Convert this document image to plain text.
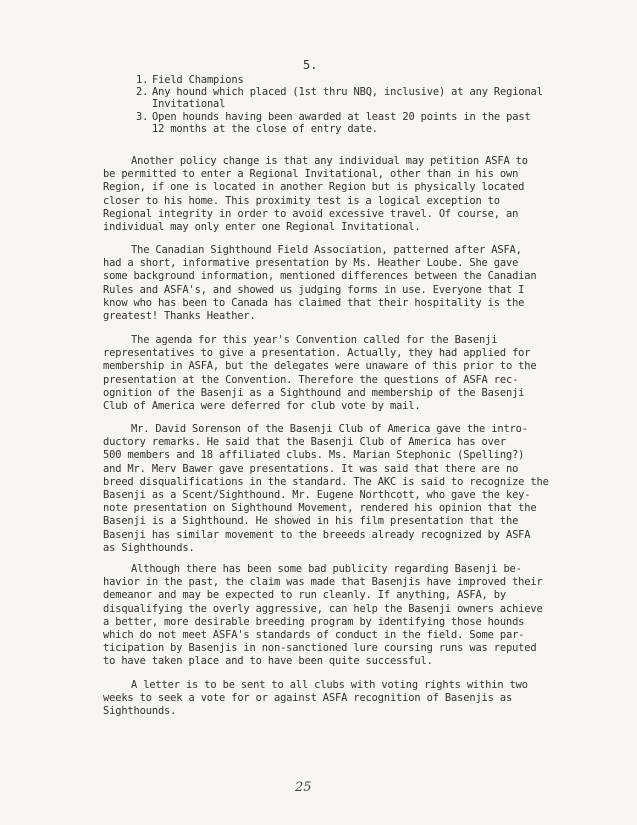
5.
1. Field Champions
2. Any hound which placed (1st thru NBQ, inclusive) at any Regional
Invitational
3. Open hounds having been awarded at least 20 points in the past
12 months at the close of entry date.

Another policy change is that any individual may petition ASFA to
be permitted to enter a Regional Invitational, other than in his own
Region, if one is located in another Region but is physically located
closer to his home. This proximity test is a logical exception to
Regional integrity in order to avoid excessive travel. Of course, an
individual may only enter one Regional Invitational.

The Canadian Sighthound Field Association, patterned after ASFA,
had a short, informative presentation by Ms. Heather Loube. She gave
some background information, mentioned differences between the Canadian
Rules and ASFA's, and showed us judging forms in use. Everyone that I
know who has been to Canada has claimed that their hospitality is the
greatest! Thanks Heather.

The agenda for this year's Convention called for the Basenji
representatives to give a presentation. Actually, they had applied for
membership in ASFA, but the delegates were unaware of this prior to the
presentation at the Convention. Therefore the questions of ASFA rec-
ognition of the Basenji as a Sighthound and membership of the Basenji
Club of America were deferred for club vote by mail.

Mr. David Sorenson of the Basenji Club of America gave the intro-
ductory remarks. He said that the Basenji Club of America has over
500 members and 18 affiliated clubs. Ms. Marian Stephonic (Spelling?)
and Mr. Merv Bawer gave presentations. It was said that there are no
breed disqualifications in the standard. The AKC is said to recognize the
Basenji as a Scent/Sighthound. Mr. Eugene Northcott, who gave the key-
note presentation on Sighthound Movement, rendered his opinion that the
Basenji is a Sighthound. He showed in his film presentation that the
Basenji has similar movement to the breeeds already recognized by ASFA
as Sighthounds.

Although there has been some bad publicity regarding Basenji be-
havior in the past, the claim was made that Basenjis have improved their
demeanor and may be expected to run cleanly. If anything, ASFA, by
disqualifying the overly aggressive, can help the Basenji owners achieve
a better, more desirable breeding program by identifying those hounds
which do not meet ASFA's standards of conduct in the field. Some par-
ticipation by Basenjis in non-sanctioned lure coursing runs was reputed
to have taken place and to have been quite successful.

A letter is to be sent to all clubs with voting rights within two
weeks to seek a vote for or against ASFA recognition of Basenjis as
Sighthounds.

25
